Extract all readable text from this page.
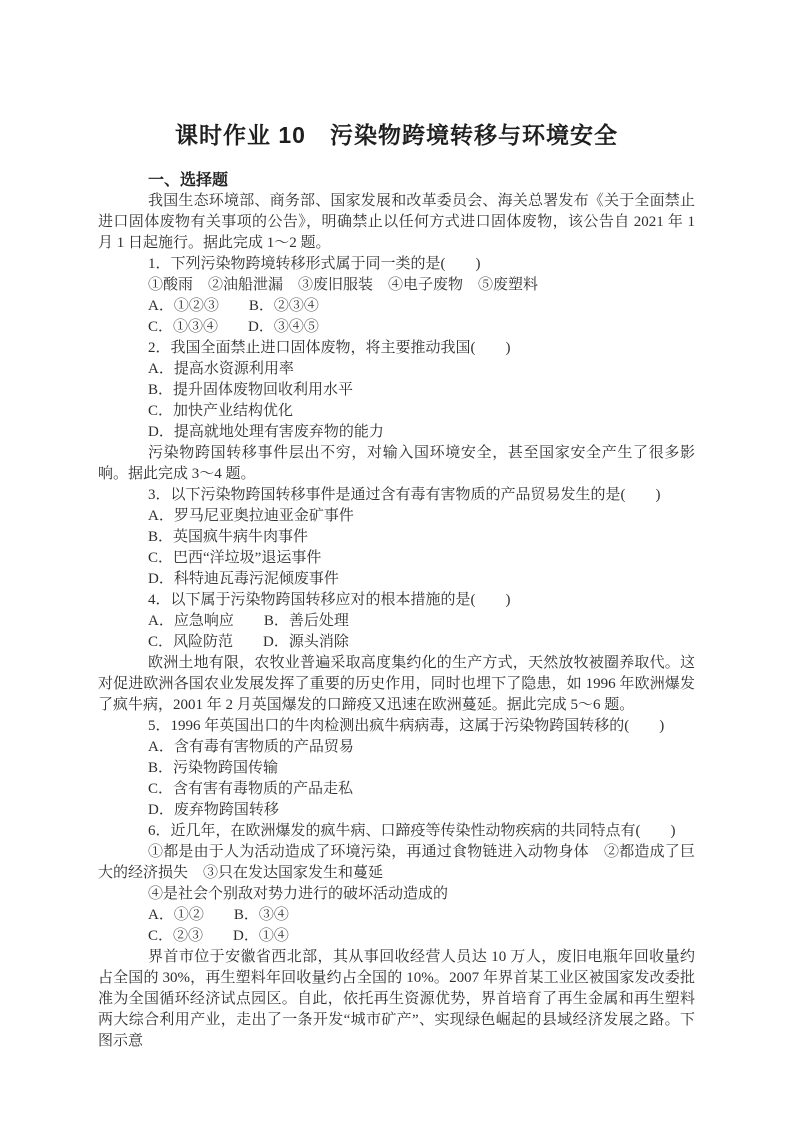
课时作业 10　污染物跨境转移与环境安全
一、选择题

我国生态环境部、商务部、国家发展和改革委员会、海关总署发布《关于全面禁止进口固体废物有关事项的公告》，明确禁止以任何方式进口固体废物，该公告自 2021 年 1 月 1 日起施行。据此完成 1～2 题。

1．下列污染物跨境转移形式属于同一类的是(　　)

①酸雨　②油船泄漏　③废旧服装　④电子废物　⑤废塑料

A．①②③　　B．②③④

C．①③④　　D．③④⑤

2．我国全面禁止进口固体废物，将主要推动我国(　　)

A．提高水资源利用率

B．提升固体废物回收利用水平

C．加快产业结构优化

D．提高就地处理有害废弃物的能力

污染物跨国转移事件层出不穷，对输入国环境安全，甚至国家安全产生了很多影响。据此完成 3～4 题。

3．以下污染物跨国转移事件是通过含有毒有害物质的产品贸易发生的是(　　)

A．罗马尼亚奥拉迪亚金矿事件

B．英国疯牛病牛肉事件

C．巴西“洋垃圾”退运事件

D．科特迪瓦毒污泥倾废事件

4．以下属于污染物跨国转移应对的根本措施的是(　　)

A．应急响应　　B．善后处理

C．风险防范　　D．源头消除

欧洲土地有限，农牧业普遍采取高度集约化的生产方式，天然放牧被圈养取代。这对促进欧洲各国农业发展发挥了重要的历史作用，同时也埋下了隐患，如 1996 年欧洲爆发了疯牛病，2001 年 2 月英国爆发的口蹄疫又迅速在欧洲蔓延。据此完成 5～6 题。

5．1996 年英国出口的牛肉检测出疯牛病病毒，这属于污染物跨国转移的(　　)

A．含有毒有害物质的产品贸易

B．污染物跨国传输

C．含有害有毒物质的产品走私

D．废弃物跨国转移

6．近几年，在欧洲爆发的疯牛病、口蹄疫等传染性动物疾病的共同特点有(　　)

①都是由于人为活动造成了环境污染，再通过食物链进入动物身体　②都造成了巨大的经济损失　③只在发达国家发生和蔓延

④是社会个别敌对势力进行的破坏活动造成的

A．①②　　B．③④

C．②③　　D．①④

界首市位于安徽省西北部，其从事回收经营人员达 10 万人，废旧电瓶年回收量约占全国的 30%，再生塑料年回收量约占全国的 10%。2007 年界首某工业区被国家发改委批准为全国循环经济试点园区。自此，依托再生资源优势，界首培育了再生金属和再生塑料两大综合利用产业，走出了一条开发“城市矿产”、实现绿色崛起的县域经济发展之路。下图示意
